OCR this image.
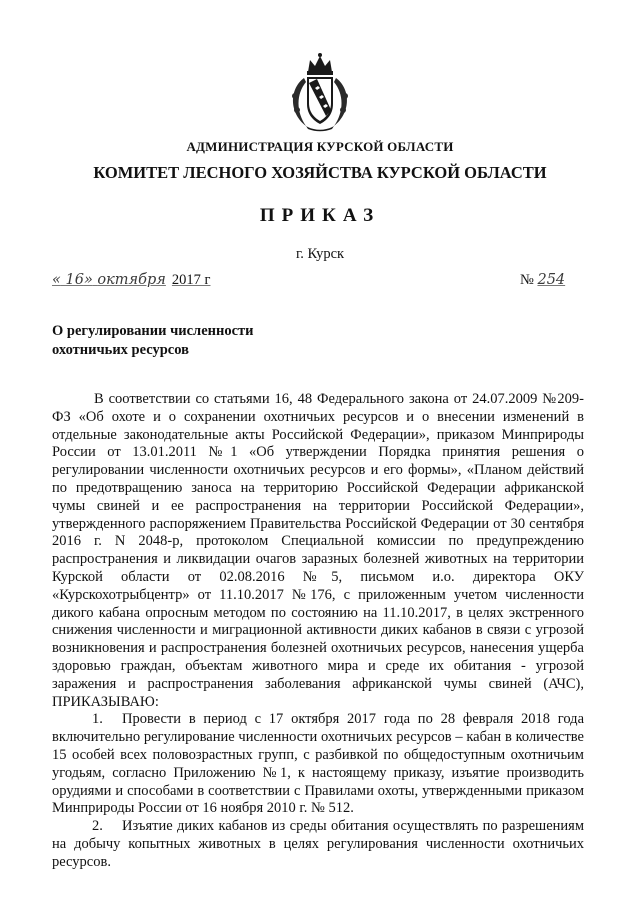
АДМИНИСТРАЦИЯ КУРСКОЙ ОБЛАСТИ
КОМИТЕТ ЛЕСНОГО ХОЗЯЙСТВА КУРСКОЙ ОБЛАСТИ
ПРИКАЗ
г. Курск
« 16» октября 2017 г	№ 254
О регулировании численности
охотничьих ресурсов

В соответствии со статьями 16, 48 Федерального закона от 24.07.2009 №209-ФЗ «Об охоте и о сохранении охотничьих ресурсов и о внесении изменений в отдельные законодательные акты Российской Федерации», приказом Минприроды России от 13.01.2011 №1 «Об утверждении Порядка принятия решения о регулировании численности охотничьих ресурсов и его формы», «Планом действий по предотвращению заноса на территорию Российской Федерации африканской чумы свиней и ее распространения на территории Российской Федерации», утвержденного распоряжением Правительства Российской Федерации от 30 сентября 2016 г. N 2048-р, протоколом Специальной комиссии по предупреждению распространения и ликвидации очагов заразных болезней животных на территории Курской области от 02.08.2016 №5, письмом и.о. директора ОКУ «Курскохотрыбцентр» от 11.10.2017 №176, с приложенным учетом численности дикого кабана опросным методом по состоянию на 11.10.2017, в целях экстренного снижения численности и миграционной активности диких кабанов в связи с угрозой возникновения и распространения болезней охотничьих ресурсов, нанесения ущерба здоровью граждан, объектам животного мира и среде их обитания - угрозой заражения и распространения заболевания африканской чумы свиней (АЧС), ПРИКАЗЫВАЮ:

1. Провести в период с 17 октября 2017 года по 28 февраля 2018 года включительно регулирование численности охотничьих ресурсов – кабан в количестве 15 особей всех половозрастных групп, с разбивкой по общедоступным охотничьим угодьям, согласно Приложению №1, к настоящему приказу, изъятие производить орудиями и способами в соответствии с Правилами охоты, утвержденными приказом Минприроды России от 16 ноября 2010 г. № 512.

2. Изъятие диких кабанов из среды обитания осуществлять по разрешениям на добычу копытных животных в целях регулирования численности охотничьих ресурсов.
